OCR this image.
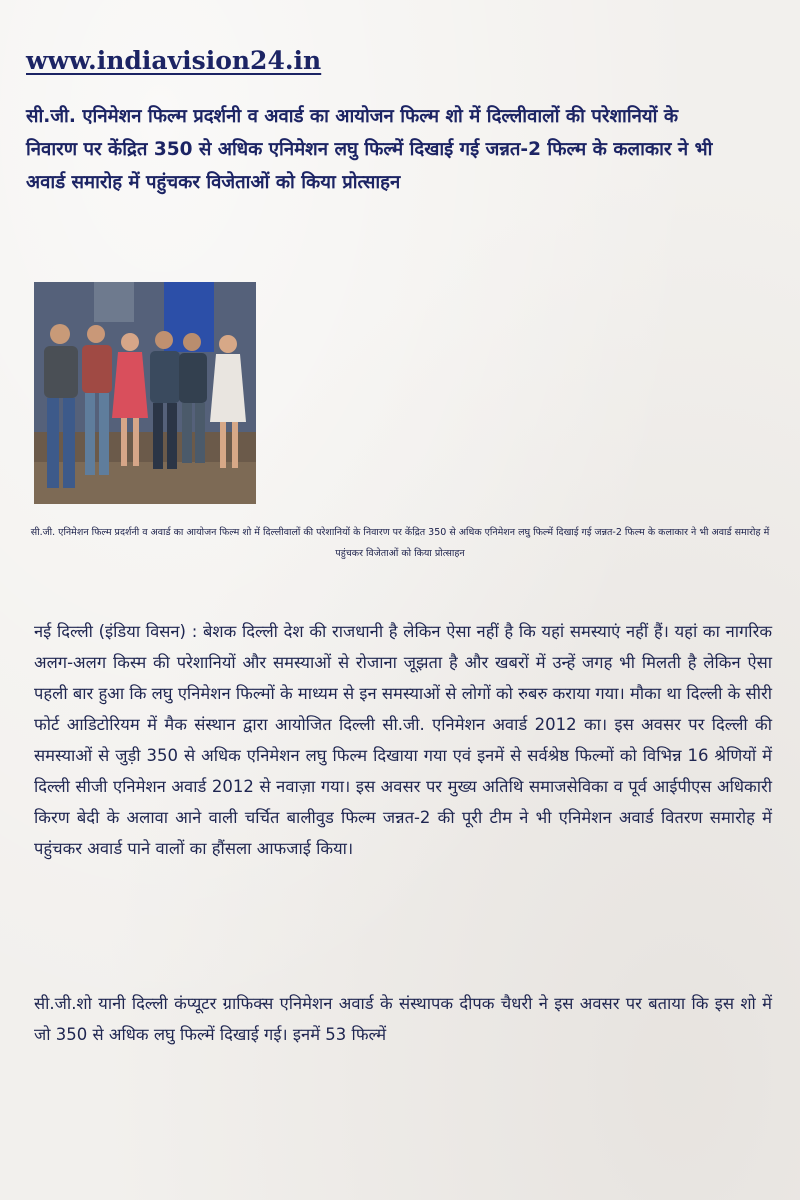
www.indiavision24.in
सी.जी. एनिमेशन फिल्म प्रदर्शनी व अवार्ड का आयोजन फिल्म शो में दिल्लीवालों की परेशानियों के निवारण पर केंद्रित 350 से अधिक एनिमेशन लघु फिल्में दिखाई गई जन्नत-2 फिल्म के कलाकार ने भी अवार्ड समारोह में पहुंचकर विजेताओं को किया प्रोत्साहन
सी.जी. एनिमेशन फिल्म प्रदर्शनी व अवार्ड का आयोजन फिल्म शो में दिल्लीवालों की परेशानियों के निवारण पर केंद्रित 350 से अधिक एनिमेशन लघु फिल्में दिखाई गई जन्नत-2 फिल्म के कलाकार ने भी अवार्ड समारोह में पहुंचकर विजेताओं को किया प्रोत्साहन
नई दिल्ली (इंडिया विसन) : बेशक दिल्ली देश की राजधानी है लेकिन ऐसा नहीं है कि यहां समस्याएं नहीं हैं। यहां का नागरिक अलग-अलग किस्म की परेशानियों और समस्याओं से रोजाना जूझता है और खबरों में उन्हें जगह भी मिलती है लेकिन ऐसा पहली बार हुआ कि लघु एनिमेशन फिल्मों के माध्यम से इन समस्याओं से लोगों को रुबरु कराया गया। मौका था दिल्ली के सीरी फोर्ट आडिटोरियम में मैक संस्थान द्वारा आयोजित दिल्ली सी.जी. एनिमेशन अवार्ड 2012 का। इस अवसर पर दिल्ली की समस्याओं से जुड़ी 350 से अधिक एनिमेशन लघु फिल्म दिखाया गया एवं इनमें से सर्वश्रेष्ठ फिल्मों को विभिन्न 16 श्रेणियों में दिल्ली सीजी एनिमेशन अवार्ड 2012 से नवाज़ा गया। इस अवसर पर मुख्य अतिथि समाजसेविका व पूर्व आईपीएस अधिकारी किरण बेदी के अलावा आने वाली चर्चित बालीवुड फिल्म जन्नत-2 की पूरी टीम ने भी एनिमेशन अवार्ड वितरण समारोह में पहुंचकर अवार्ड पाने वालों का हौंसला आफजाई किया।
सी.जी.शो यानी दिल्ली कंप्यूटर ग्राफिक्स एनिमेशन अवार्ड के संस्थापक दीपक चैधरी ने इस अवसर पर बताया कि इस शो में जो 350 से अधिक लघु फिल्में दिखाई गई। इनमें 53 फिल्में
